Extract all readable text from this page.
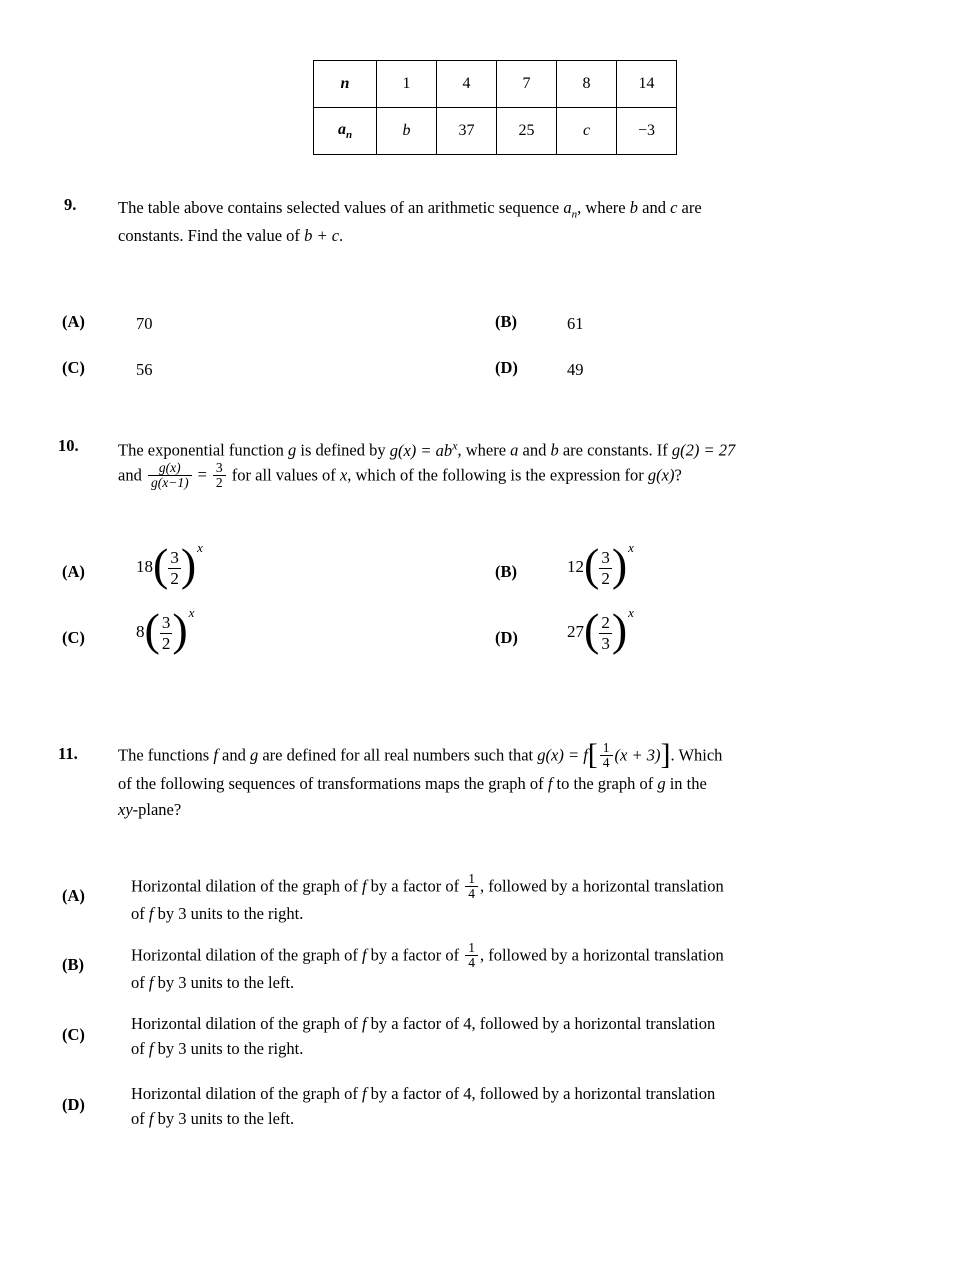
n	1	4	7	8	14
$a_n$	b	37	25	c	−3
9.	The table above contains selected values of an arithmetic sequence $a_n$, where b and c are
constants. Find the value of b + c.
(A)	70	(B)	61
(C)	56	(D)	49
10. The exponential function g is defined by $g(x) = ab^x$, where a and b are constants. If g(2) = 27
and $\frac{g(x)}{g(x-1)} = \frac{3}{2}$ for all values of x, which of the following is the expression for g(x)?
(A)	$18( \frac{3}{2} )^x$
(B)	$12( \frac{3}{2} )^x$
(C)	$8( \frac{3}{2} )^x$
(D)	$27( \frac{2}{3} )^x$
11. The functions f and g are defined for all real numbers such that $g(x) = f[ \frac{1}{4} (x + 3)]$. Which
of the following sequences of transformations maps the graph of f to the graph of g in the
xy-plane?
(A)
Horizontal dilation of the graph of f by a factor of $\frac{1}{4}$ , followed by a horizontal translation
of f by 3 units to the right.
(B)
Horizontal dilation of the graph of f by a factor of $\frac{1}{4}$ , followed by a horizontal translation
of f by 3 units to the left.
(C)
Horizontal dilation of the graph of f by a factor of 4, followed by a horizontal translation
of f by 3 units to the right.
(D)
Horizontal dilation of the graph of f by a factor of 4, followed by a horizontal translation
of f by 3 units to the left.
